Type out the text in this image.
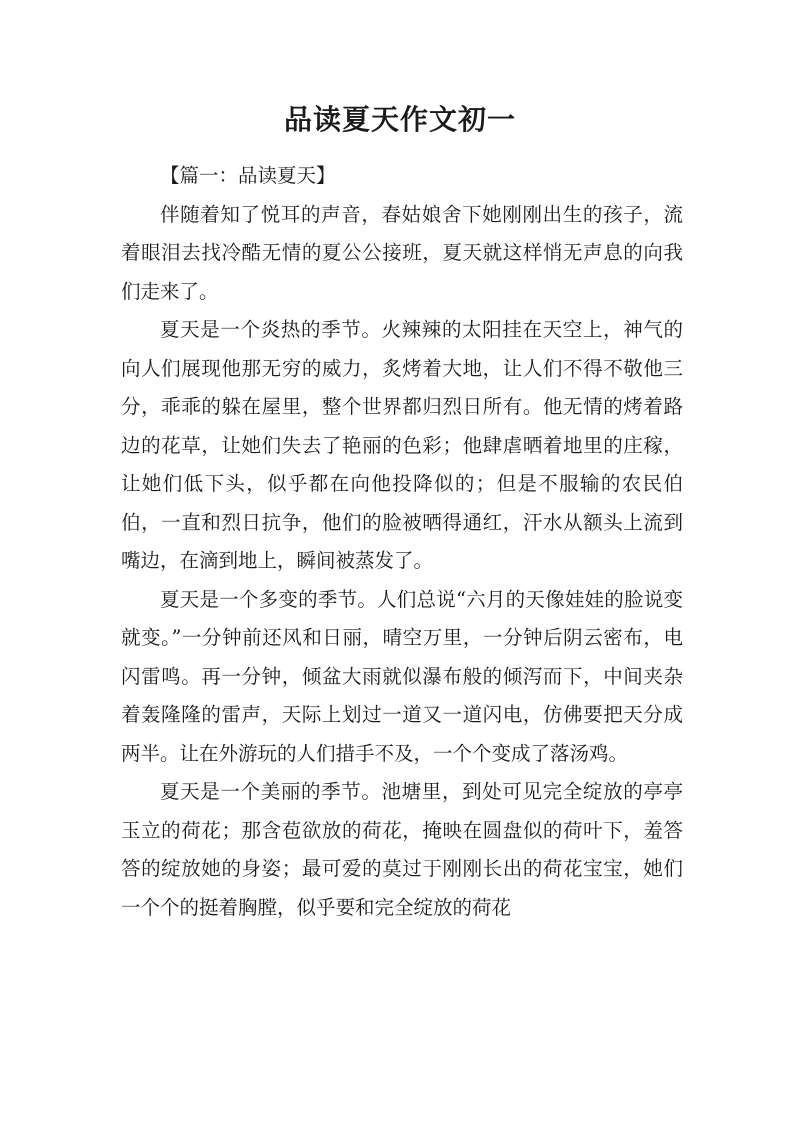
品读夏天作文初一

【篇一：品读夏天】

伴随着知了悦耳的声音，春姑娘舍下她刚刚出生的孩子，流着眼泪去找冷酷无情的夏公公接班，夏天就这样悄无声息的向我们走来了。

夏天是一个炎热的季节。火辣辣的太阳挂在天空上，神气的向人们展现他那无穷的威力，炙烤着大地，让人们不得不敬他三分，乖乖的躲在屋里，整个世界都归烈日所有。他无情的烤着路边的花草，让她们失去了艳丽的色彩；他肆虐晒着地里的庄稼，让她们低下头，似乎都在向他投降似的；但是不服输的农民伯伯，一直和烈日抗争，他们的脸被晒得通红，汗水从额头上流到嘴边，在滴到地上，瞬间被蒸发了。

夏天是一个多变的季节。人们总说“六月的天像娃娃的脸说变就变。”一分钟前还风和日丽，晴空万里，一分钟后阴云密布，电闪雷鸣。再一分钟，倾盆大雨就似瀑布般的倾泻而下，中间夹杂着轰隆隆的雷声，天际上划过一道又一道闪电，仿佛要把天分成两半。让在外游玩的人们措手不及，一个个变成了落汤鸡。

夏天是一个美丽的季节。池塘里，到处可见完全绽放的亭亭玉立的荷花；那含苞欲放的荷花，掩映在圆盘似的荷叶下，羞答答的绽放她的身姿；最可爱的莫过于刚刚长出的荷花宝宝，她们一个个的挺着胸膛，似乎要和完全绽放的荷花
